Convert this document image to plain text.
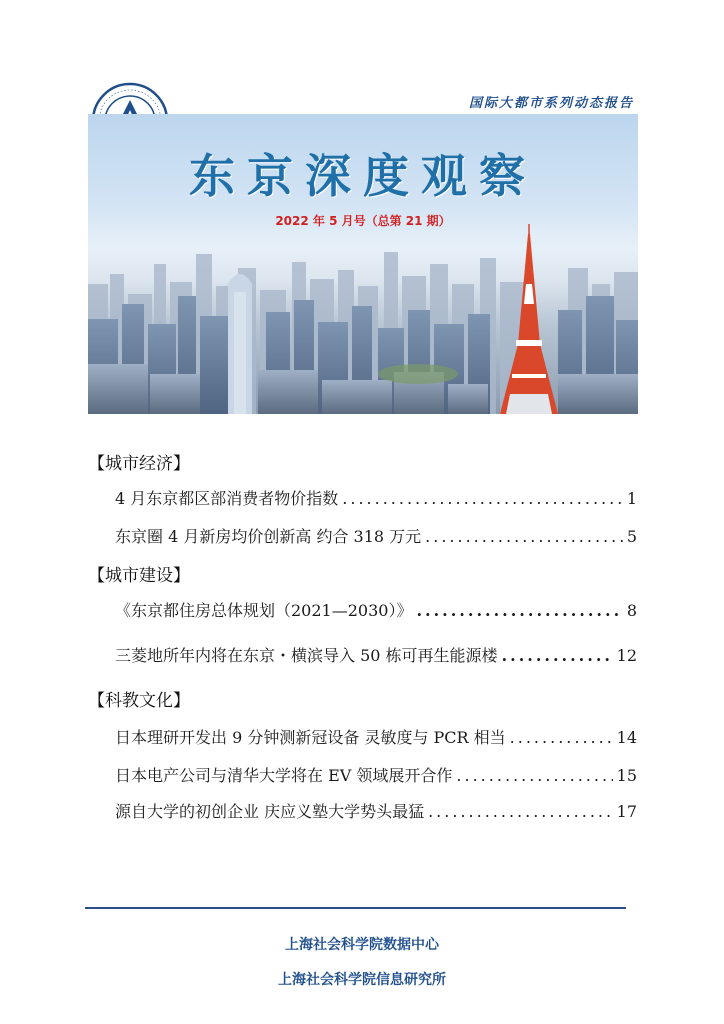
国际大都市系列动态报告
东京深度观察
2022 年 5 月号（总第 21 期）
【城市经济】
4 月东京都区部消费者物价指数 .....	1
东京圈 4 月新房均价创新高 约合 318 万元 .....	5
【城市建设】
《东京都住房总体规划（2021—2030）》 .....	8
三菱地所年内将在东京・横滨导入 50 栋可再生能源楼 .....	12
【科教文化】
日本理研开发出 9 分钟测新冠设备 灵敏度与 PCR 相当 .....	14
日本电产公司与清华大学将在 EV 领域展开合作 .....	15
源自大学的初创企业 庆应义塾大学势头最猛 .....	17
上海社会科学院数据中心
上海社会科学院信息研究所
